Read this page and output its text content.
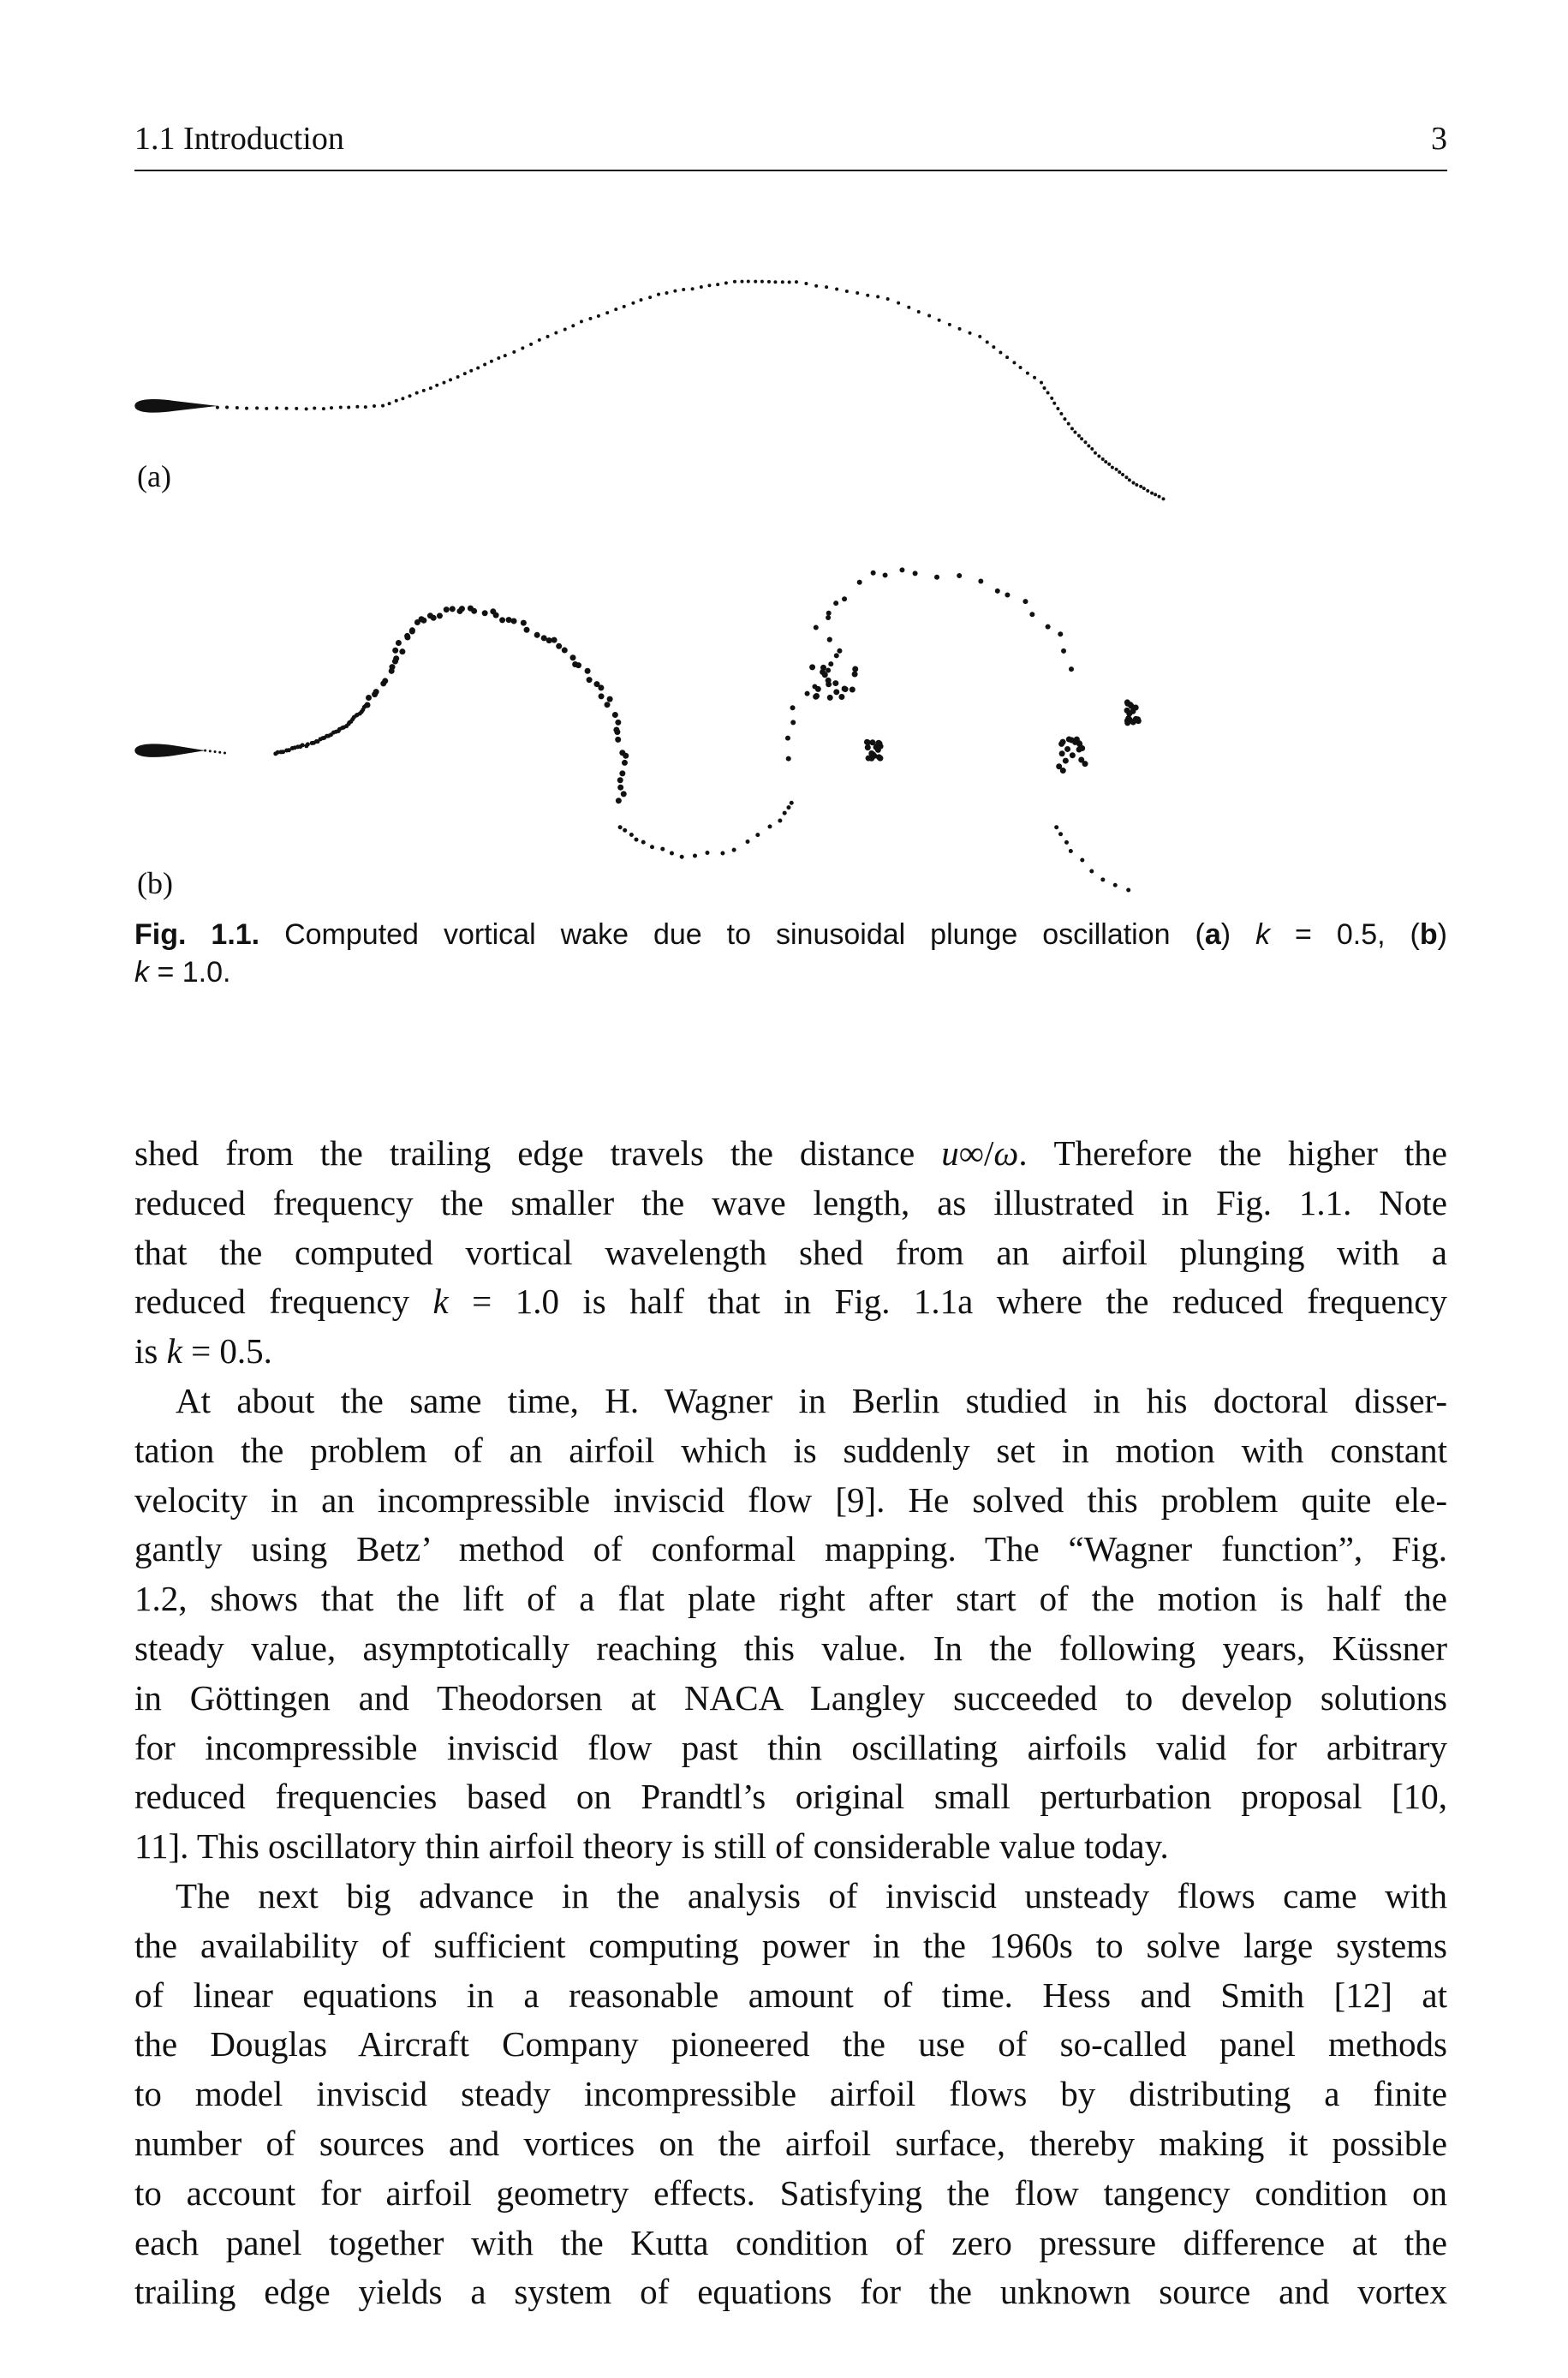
1.1 Introduction	3
(a)
(b)
Fig. 1.1. Computed vortical wake due to sinusoidal plunge oscillation (a) k = 0.5, (b)
k = 1.0.
shed from the trailing edge travels the distance u∞/ω. Therefore the higher the
reduced frequency the smaller the wave length, as illustrated in Fig. 1.1. Note
that the computed vortical wavelength shed from an airfoil plunging with a
reduced frequency k = 1.0 is half that in Fig. 1.1a where the reduced frequency
is k = 0.5.
At about the same time, H. Wagner in Berlin studied in his doctoral disser-
tation the problem of an airfoil which is suddenly set in motion with constant
velocity in an incompressible inviscid flow [9]. He solved this problem quite ele-
gantly using Betz’ method of conformal mapping. The “Wagner function”, Fig.
1.2, shows that the lift of a flat plate right after start of the motion is half the
steady value, asymptotically reaching this value. In the following years, Küssner
in Göttingen and Theodorsen at NACA Langley succeeded to develop solutions
for incompressible inviscid flow past thin oscillating airfoils valid for arbitrary
reduced frequencies based on Prandtl’s original small perturbation proposal [10,
11]. This oscillatory thin airfoil theory is still of considerable value today.
The next big advance in the analysis of inviscid unsteady flows came with
the availability of sufficient computing power in the 1960s to solve large systems
of linear equations in a reasonable amount of time. Hess and Smith [12] at
the Douglas Aircraft Company pioneered the use of so-called panel methods
to model inviscid steady incompressible airfoil flows by distributing a finite
number of sources and vortices on the airfoil surface, thereby making it possible
to account for airfoil geometry effects. Satisfying the flow tangency condition on
each panel together with the Kutta condition of zero pressure difference at the
trailing edge yields a system of equations for the unknown source and vortex
